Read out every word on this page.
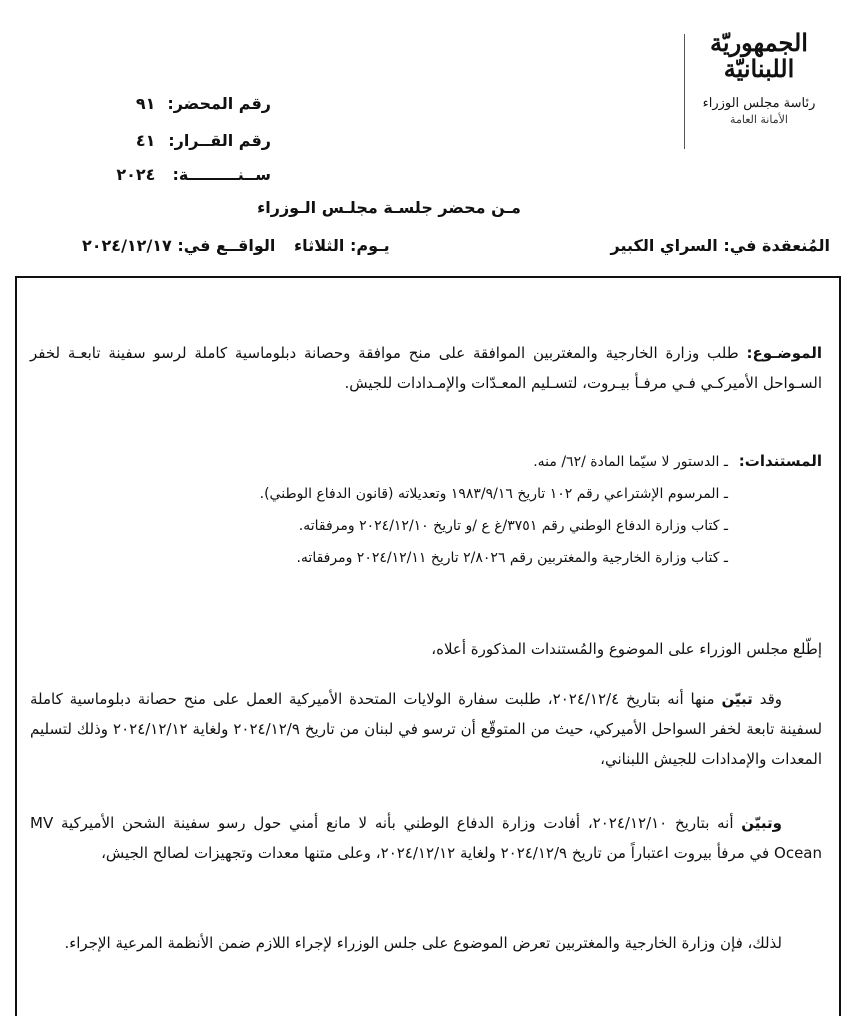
الجمهوريّة
اللبنانيّة
رئاسة مجلس الوزراء
الأمانة العامة
رقم المحضر: ٩١
رقم القــرار: ٤١
ســنـــــــــة: ٢٠٢٤
مـن محضر جلسـة مجلـس الـوزراء
المُنعقدة في: السراي الكبير
يـوم: الثلاثاء
الواقــع في: ٢٠٢٤/١٢/١٧
الموضـوع: طلب وزارة الخارجية والمغتربين الموافقة على منح موافقة وحصانة دبلوماسية كاملة لرسو سفينة تابعـة لخفر السـواحل الأميركـي فـي مرفـأ بيـروت، لتسـليم المعـدّات والإمـدادات للجيش.
المستندات:
ـ الدستور لا سيّما المادة /٦٢/ منه.
ـ المرسوم الإشتراعي رقم ١٠٢ تاريخ ١٩٨٣/٩/١٦ وتعديلاته (قانون الدفاع الوطني).
ـ كتاب وزارة الدفاع الوطني رقم ٣٧٥١/غ ع /و تاريخ ٢٠٢٤/١٢/١٠ ومرفقاته.
ـ كتاب وزارة الخارجية والمغتربين رقم ٢/٨٠٢٦ تاريخ ٢٠٢٤/١٢/١١ ومرفقاته.
إطّلع مجلس الوزراء على الموضوع والمُستندات المذكورة أعلاه،
وقد تبيّن منها أنه بتاريخ ٢٠٢٤/١٢/٤، طلبت سفارة الولايات المتحدة الأميركية العمل على منح حصانة دبلوماسية كاملة لسفينة تابعة لخفر السواحل الأميركي، حيث من المتوقّع أن ترسو في لبنان من تاريخ ٢٠٢٤/١٢/٩ ولغاية ٢٠٢٤/١٢/١٢ وذلك لتسليم المعدات والإمدادات للجيش اللبناني،
وتبيّن أنه بتاريخ ٢٠٢٤/١٢/١٠، أفادت وزارة الدفاع الوطني بأنه لا مانع أمني حول رسو سفينة الشحن الأميركية MV Ocean في مرفأ بيروت اعتباراً من تاريخ ٢٠٢٤/١٢/٩ ولغاية ٢٠٢٤/١٢/١٢، وعلى متنها معدات وتجهيزات لصالح الجيش،
لذلك، فإن وزارة الخارجية والمغتربين تعرض الموضوع على جلس الوزراء لإجراء اللازم ضمن الأنظمة المرعية الإجراء.
